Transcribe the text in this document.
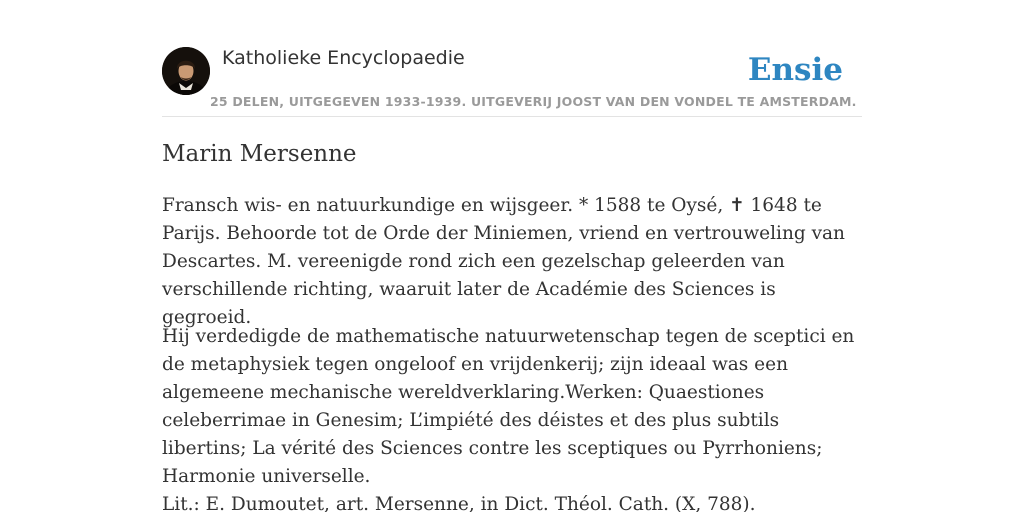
Katholieke Encyclopaedie
25 DELEN, UITGEGEVEN 1933-1939. UITGEVERIJ JOOST VAN DEN VONDEL TE AMSTERDAM.
Ensie
Marin Mersenne

Fransch wis- en natuurkundige en wijsgeer. * 1588 te Oysé, ✝ 1648 te Parijs. Behoorde tot de Orde der Miniemen, vriend en vertrouweling van Descartes. M. vereenigde rond zich een gezelschap geleerden van verschillende richting, waaruit later de Académie des Sciences is gegroeid.

Hij verdedigde de mathematische natuurwetenschap tegen de sceptici en de metaphysiek tegen ongeloof en vrijdenkerij; zijn ideaal was een algemeene mechanische wereldverklaring.Werken: Quaestiones celeberrimae in Genesim; L’impiété des déistes et des plus subtils libertins; La vérité des Sciences contre les sceptiques ou Pyrrhoniens; Harmonie universelle.

Lit.: E. Dumoutet, art. Mersenne, in Dict. Théol. Cath. (X, 788).
